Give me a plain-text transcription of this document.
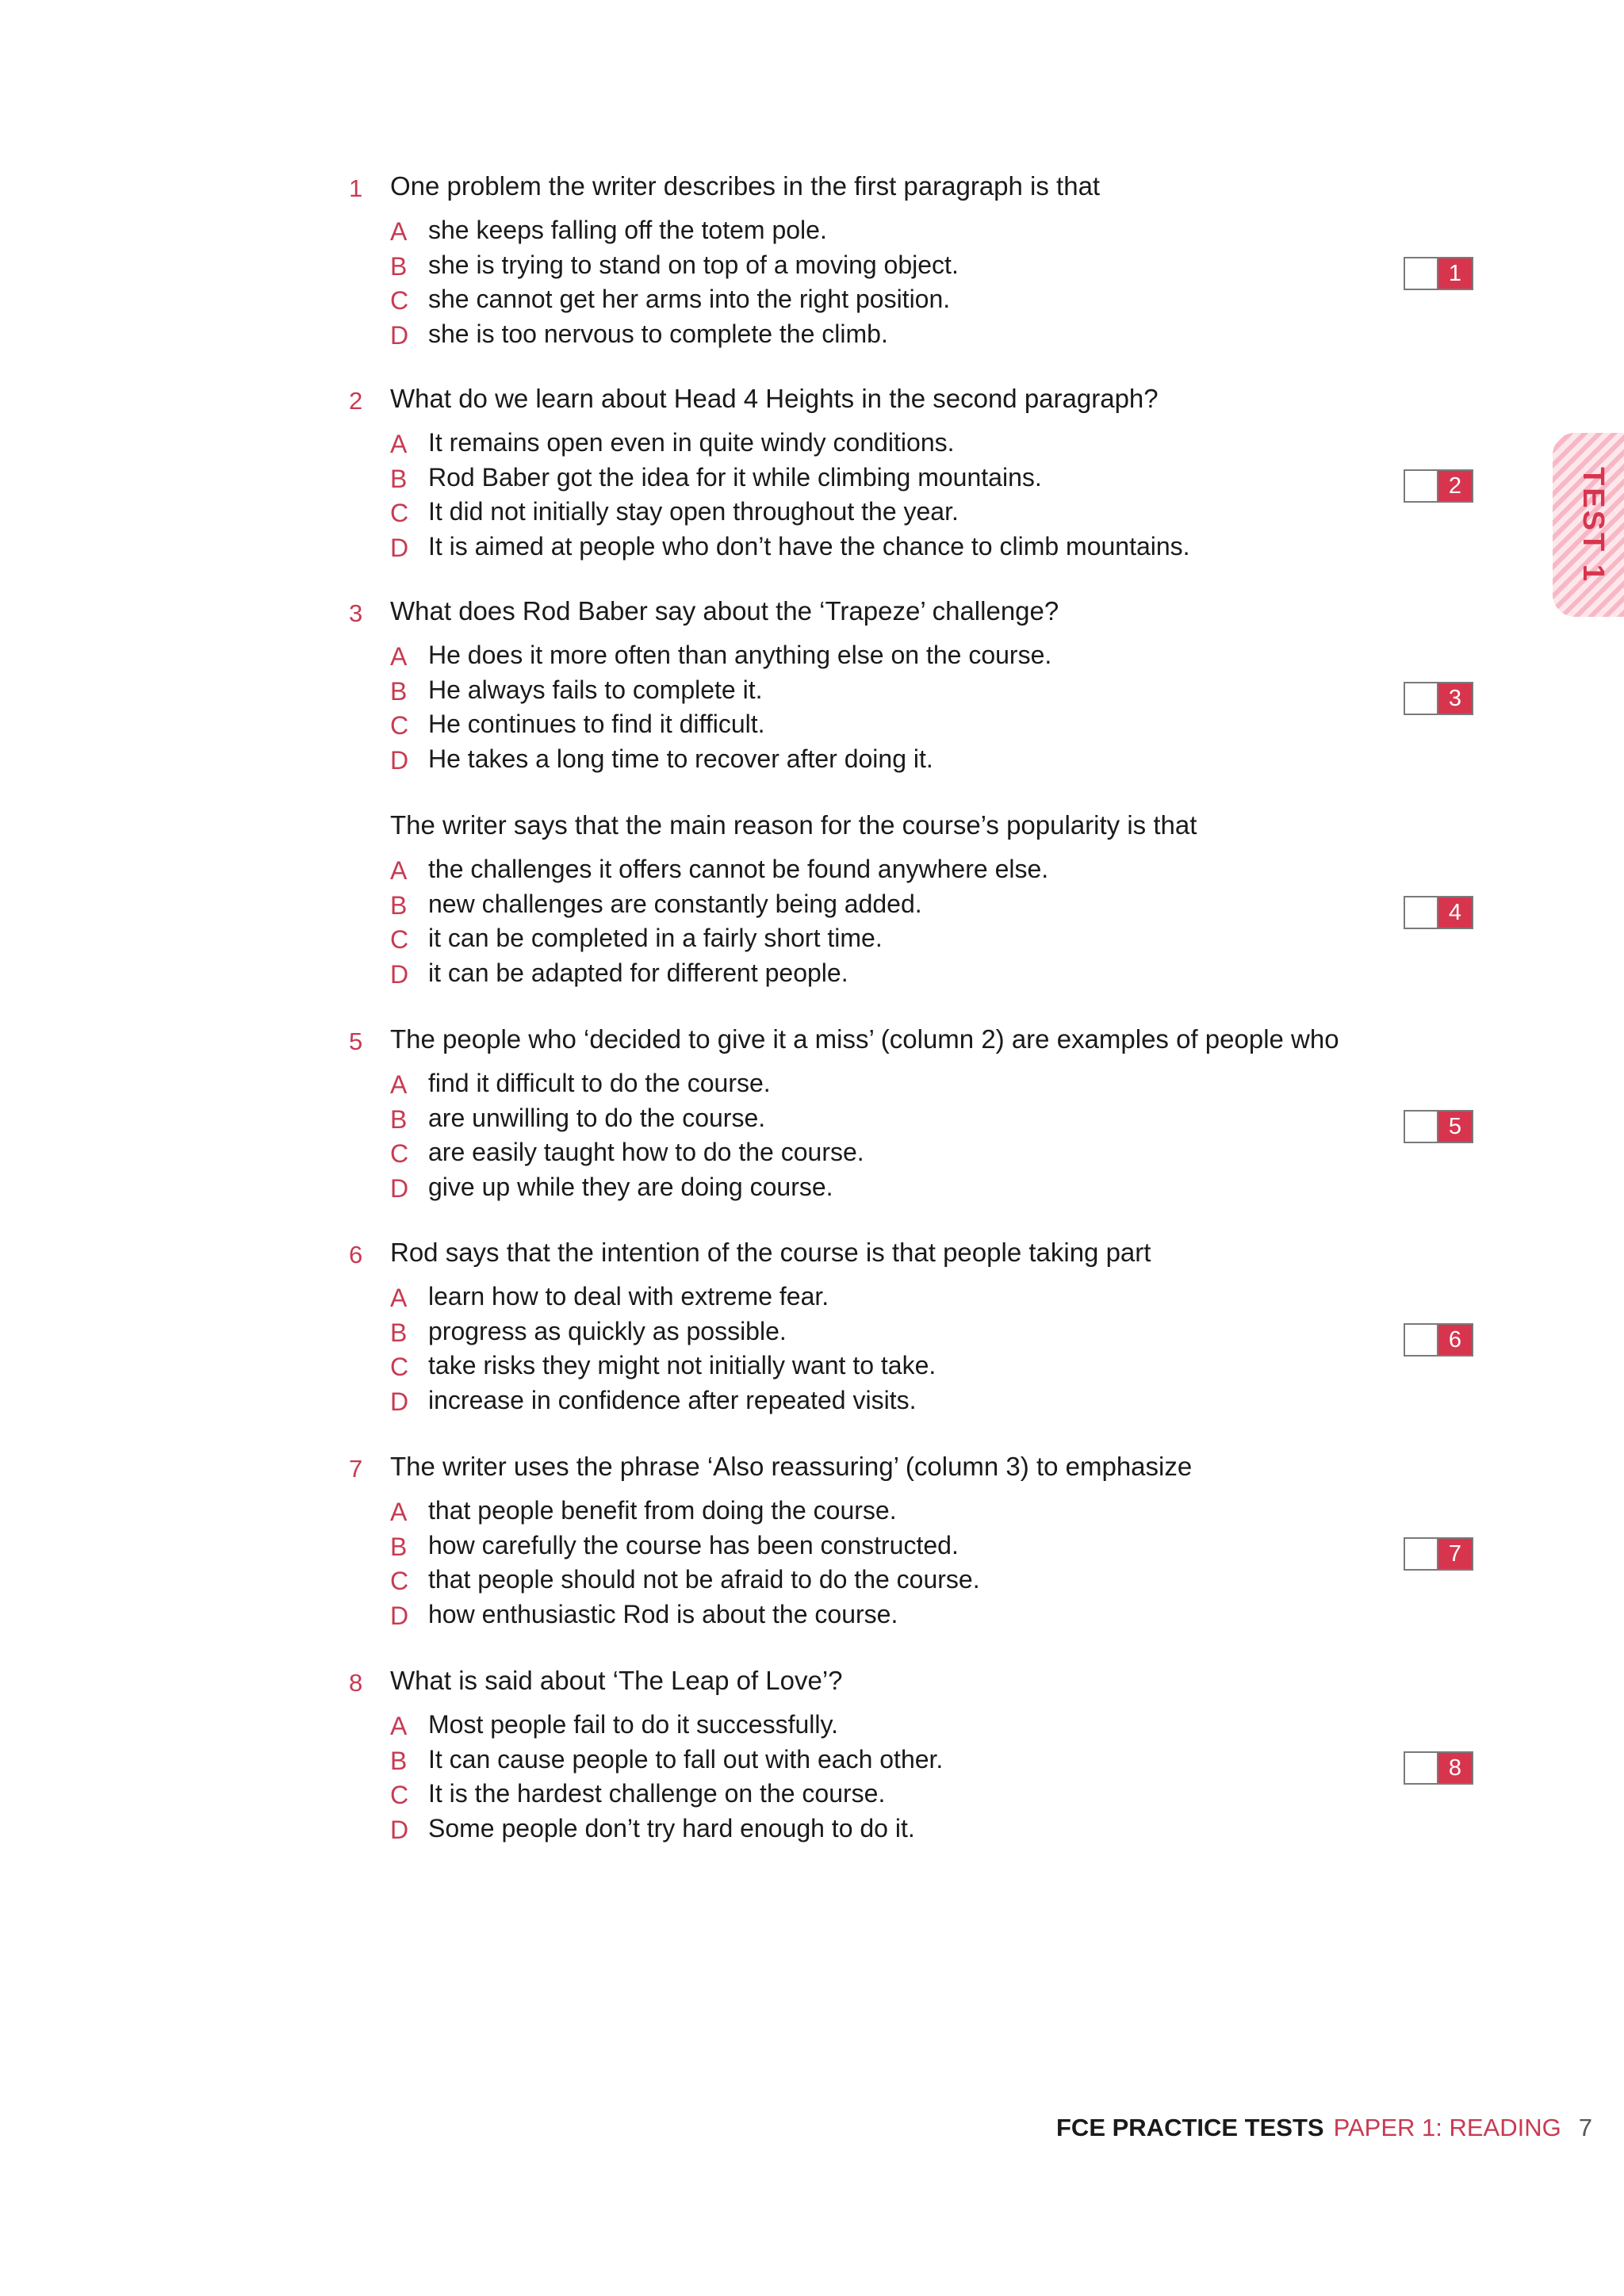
1	One problem the writer describes in the first paragraph is that
A she keeps falling off the totem pole.
B she is trying to stand on top of a moving object.
C she cannot get her arms into the right position.
D she is too nervous to complete the climb.
1
2	What do we learn about Head 4 Heights in the second paragraph?
A It remains open even in quite windy conditions.
B Rod Baber got the idea for it while climbing mountains.
C It did not initially stay open throughout the year.
D It is aimed at people who don’t have the chance to climb mountains.
2
3	What does Rod Baber say about the ‘Trapeze’ challenge?
A He does it more often than anything else on the course.
B He always fails to complete it.
C He continues to find it difficult.
D He takes a long time to recover after doing it.
3
The writer says that the main reason for the course’s popularity is that
A the challenges it offers cannot be found anywhere else.
B new challenges are constantly being added.
C it can be completed in a fairly short time.
D it can be adapted for different people.
4
5	The people who ‘decided to give it a miss’ (column 2) are examples of people who
A find it difficult to do the course.
B are unwilling to do the course.
C are easily taught how to do the course.
D give up while they are doing course.
5
6	Rod says that the intention of the course is that people taking part
A learn how to deal with extreme fear.
B progress as quickly as possible.
C take risks they might not initially want to take.
D increase in confidence after repeated visits.
6
7	The writer uses the phrase ‘Also reassuring’ (column 3) to emphasize
A that people benefit from doing the course.
B how carefully the course has been constructed.
C that people should not be afraid to do the course.
D how enthusiastic Rod is about the course.
7
8	What is said about ‘The Leap of Love’?
A Most people fail to do it successfully.
B It can cause people to fall out with each other.
C It is the hardest challenge on the course.
D Some people don’t try hard enough to do it.
8
TEST 1
FCE PRACTICE TESTS PAPER 1: READING 7
